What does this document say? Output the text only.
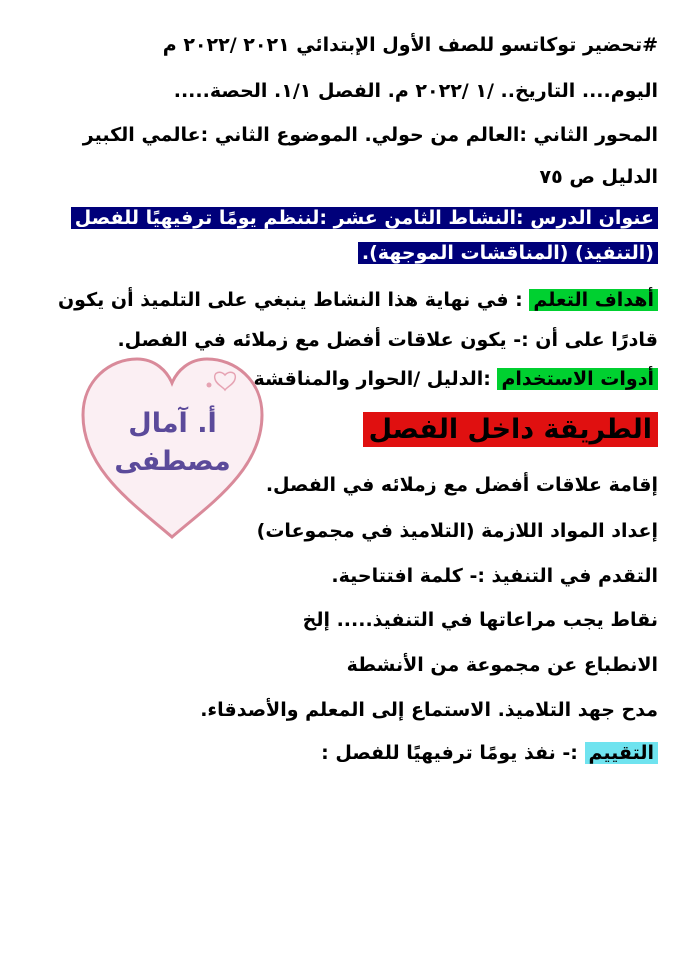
#تحضير توكاتسو للصف الأول الإبتدائي ٢٠٢١ /٢٠٢٢ م
اليوم.... التاريخ.. /١ /٢٠٢٢ م. الفصل ١/١. الحصة.....
المحور الثاني :العالم من حولي. الموضوع الثاني :عالمي الكبير
الدليل ص ٧٥
عنوان الدرس :النشاط الثامن عشر :لننظم يومًا ترفيهيًا للفصل
(التنفيذ) (المناقشات الموجهة).
أهداف التعلم : في نهاية هذا النشاط ينبغي على التلميذ أن يكون
قادرًا على أن :- يكون علاقات أفضل مع زملائه في الفصل.
أدوات الاستخدام :الدليل /الحوار والمناقشة
الطريقة داخل الفصل
إقامة علاقات أفضل مع زملائه في الفصل.
إعداد المواد اللازمة (التلاميذ في مجموعات)
التقدم في التنفيذ :- كلمة افتتاحية.
نقاط يجب مراعاتها في التنفيذ..... إلخ
الانطباع عن مجموعة من الأنشطة
مدح جهد التلاميذ. الاستماع إلى المعلم والأصدقاء.
التقييم :- نفذ يومًا ترفيهيًا للفصل :
أ. آمال
مصطفى
